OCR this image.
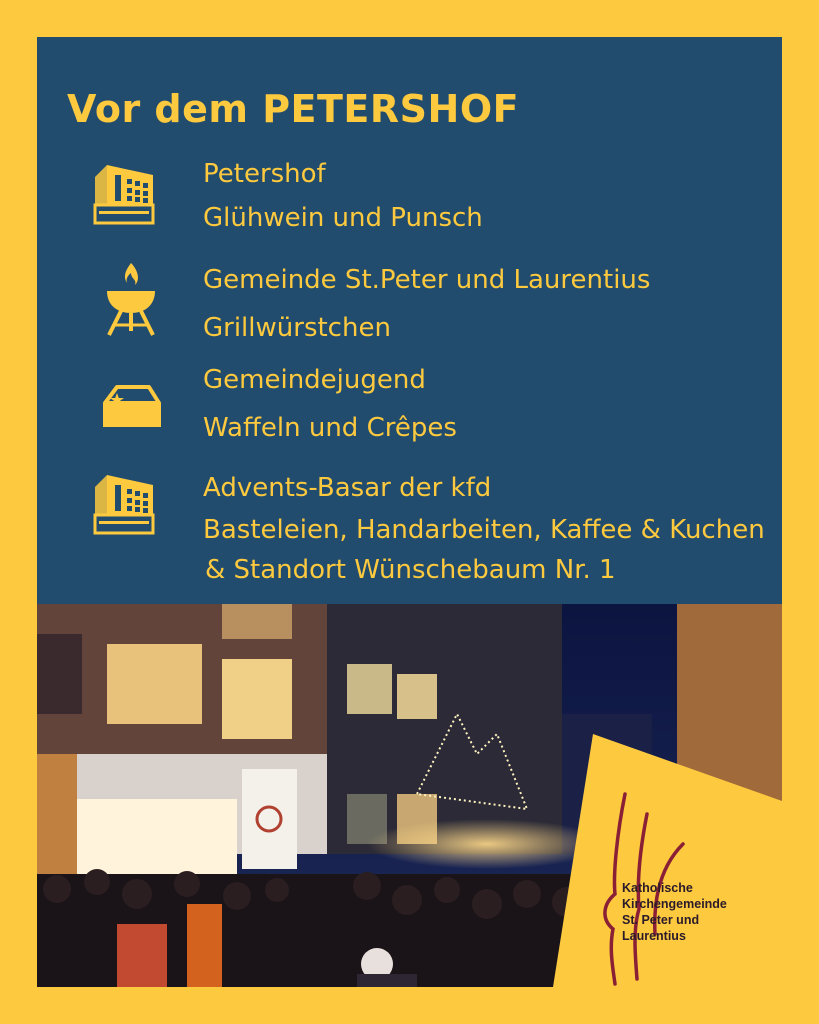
Vor dem PETERSHOF
Petershof
Glühwein und Punsch
Gemeinde St.Peter und Laurentius
Grillwürstchen
Gemeindejugend
Waffeln und Crêpes
Advents-Basar der kfd
Basteleien, Handarbeiten, Kaffee & Kuchen
& Standort Wünschebaum Nr. 1
Katholische
Kirchengemeinde
St. Peter und
Laurentius
